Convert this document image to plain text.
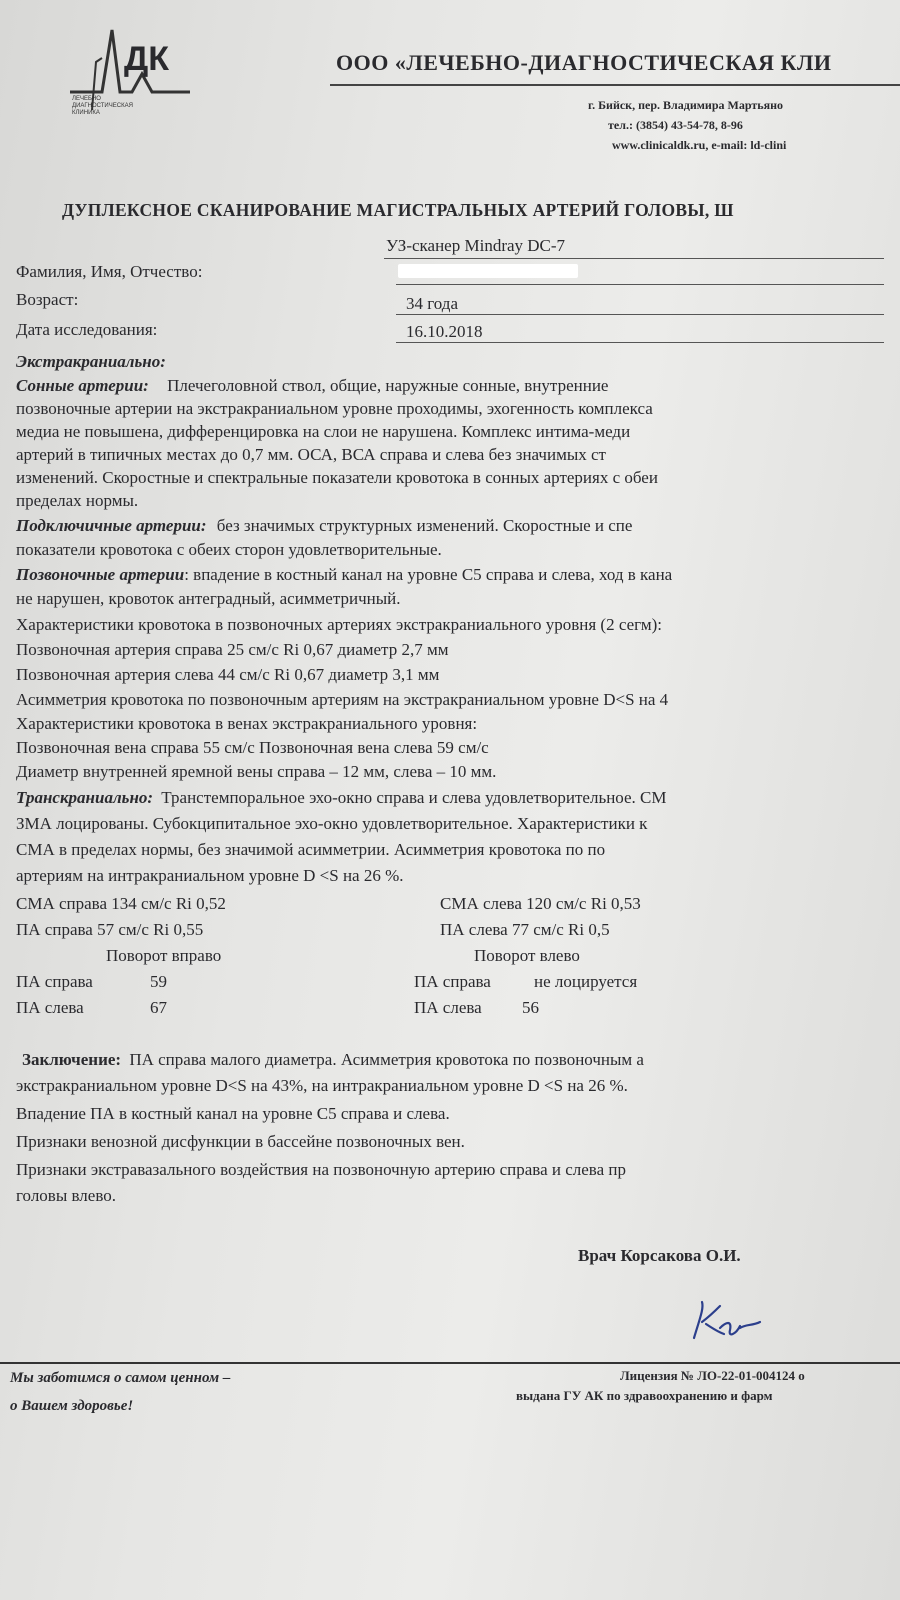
ДК
ЛЕЧЕБНО
ДИАГНОСТИЧЕСКАЯ
КЛИНИКА
ООО «ЛЕЧЕБНО-ДИАГНОСТИЧЕСКАЯ КЛИ
г. Бийск, пер. Владимира Мартьяно
тел.: (3854) 43-54-78, 8-96
www.clinicaldk.ru, e-mail: ld-clini
ДУПЛЕКСНОЕ СКАНИРОВАНИЕ МАГИСТРАЛЬНЫХ АРТЕРИЙ ГОЛОВЫ, Ш
УЗ-сканер Mindray DC-7
Фамилия, Имя, Отчество:
Возраст:	34 года
Дата исследования:	16.10.2018
Экстракраниально:
Сонные артерии: Плечеголовной ствол, общие, наружные сонные, внутренние
позвоночные артерии на экстракраниальном уровне проходимы, эхогенность комплекса
медиа не повышена, дифференцировка на слои не нарушена. Комплекс интима-меди
артерий в типичных местах до 0,7 мм. ОСА, ВСА справа и слева без значимых ст
изменений. Скоростные и спектральные показатели кровотока в сонных артериях с обеи
пределах нормы.
Подключичные артерии: без значимых структурных изменений. Скоростные и спе
показатели кровотока с обеих сторон удовлетворительные.
Позвоночные артерии: впадение в костный канал на уровне С5 справа и слева, ход в кана
не нарушен, кровоток антеградный, асимметричный.
Характеристики кровотока в позвоночных артериях экстракраниального уровня (2 сегм):
Позвоночная артерия справа 25 см/с Ri 0,67 диаметр 2,7 мм
Позвоночная артерия слева 44 см/с Ri 0,67 диаметр 3,1 мм
Асимметрия кровотока по позвоночным артериям на экстракраниальном уровне D<S на 4
Характеристики кровотока в венах экстракраниального уровня:
Позвоночная вена справа 55 см/с Позвоночная вена слева 59 см/с
Диаметр внутренней яремной вены справа – 12 мм, слева – 10 мм.
Транскраниально: Транстемпоральное эхо-окно справа и слева удовлетворительное. СМ
ЗМА лоцированы. Субокципитальное эхо-окно удовлетворительное. Характеристики к
СМА в пределах нормы, без значимой асимметрии. Асимметрия кровотока по по
артериям на интракраниальном уровне D <S на 26 %.
СМА справа 134 см/с Ri 0,52	СМА слева 120 см/с Ri 0,53
ПА справа 57 см/с Ri 0,55	ПА слева 77 см/с Ri 0,5
Поворот вправо	Поворот влево
ПА справа	59	ПА справа	не лоцируется
ПА слева	67	ПА слева 56
Заключение: ПА справа малого диаметра. Асимметрия кровотока по позвоночным а
экстракраниальном уровне D<S на 43%, на интракраниальном уровне D <S на 26 %.
Впадение ПА в костный канал на уровне С5 справа и слева.
Признаки венозной дисфункции в бассейне позвоночных вен.
Признаки экстравазального воздействия на позвоночную артерию справа и слева пр
головы влево.
Врач Корсакова О.И.
Мы заботимся о самом ценном –
о Вашем здоровье!
Лицензия № ЛО-22-01-004124 о
выдана ГУ АК по здравоохранению и фарм
